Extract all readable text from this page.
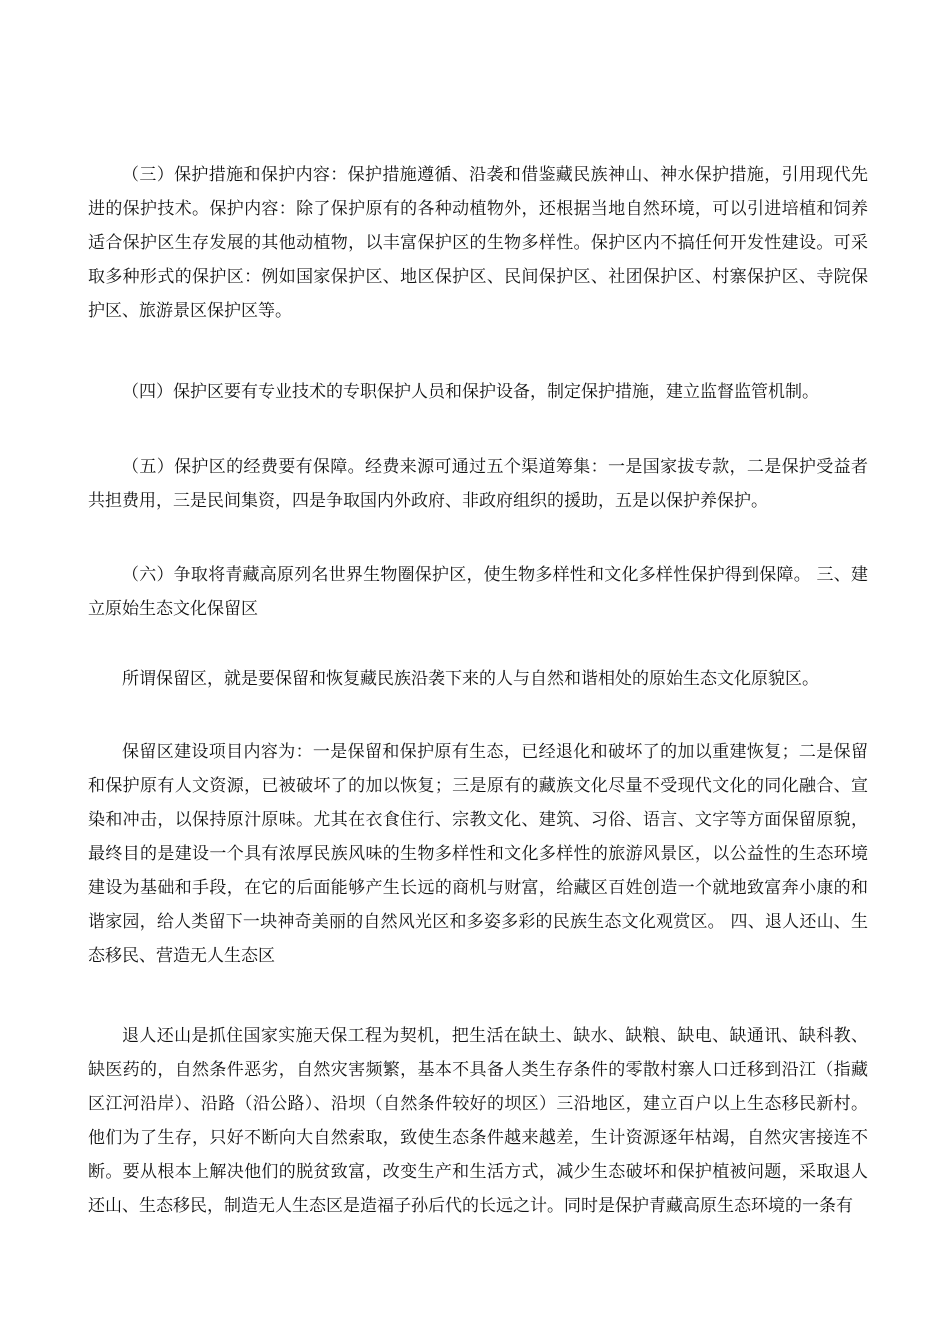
（三）保护措施和保护内容：保护措施遵循、沿袭和借鉴藏民族神山、神水保护措施，引用现代先进的保护技术。保护内容：除了保护原有的各种动植物外，还根据当地自然环境，可以引进培植和饲养适合保护区生存发展的其他动植物，以丰富保护区的生物多样性。保护区内不搞任何开发性建设。可采取多种形式的保护区：例如国家保护区、地区保护区、民间保护区、社团保护区、村寨保护区、寺院保护区、旅游景区保护区等。

（四）保护区要有专业技术的专职保护人员和保护设备，制定保护措施，建立监督监管机制。

（五）保护区的经费要有保障。经费来源可通过五个渠道筹集：一是国家拔专款，二是保护受益者共担费用，三是民间集资，四是争取国内外政府、非政府组织的援助，五是以保护养保护。

（六）争取将青藏高原列名世界生物圈保护区，使生物多样性和文化多样性保护得到保障。 三、建立原始生态文化保留区

所谓保留区，就是要保留和恢复藏民族沿袭下来的人与自然和谐相处的原始生态文化原貌区。

保留区建设项目内容为：一是保留和保护原有生态，已经退化和破坏了的加以重建恢复；二是保留和保护原有人文资源，已被破坏了的加以恢复；三是原有的藏族文化尽量不受现代文化的同化融合、宣染和冲击，以保持原汁原味。尤其在衣食住行、宗教文化、建筑、习俗、语言、文字等方面保留原貌，最终目的是建设一个具有浓厚民族风味的生物多样性和文化多样性的旅游风景区，以公益性的生态环境建设为基础和手段，在它的后面能够产生长远的商机与财富，给藏区百姓创造一个就地致富奔小康的和谐家园，给人类留下一块神奇美丽的自然风光区和多姿多彩的民族生态文化观赏区。 四、退人还山、生态移民、营造无人生态区

退人还山是抓住国家实施天保工程为契机，把生活在缺土、缺水、缺粮、缺电、缺通讯、缺科教、缺医药的，自然条件恶劣，自然灾害频繁，基本不具备人类生存条件的零散村寨人口迁移到沿江（指藏区江河沿岸）、沿路（沿公路）、沿坝（自然条件较好的坝区）三沿地区，建立百户以上生态移民新村。他们为了生存，只好不断向大自然索取，致使生态条件越来越差，生计资源逐年枯竭，自然灾害接连不断。要从根本上解决他们的脱贫致富，改变生产和生活方式，减少生态破坏和保护植被问题，采取退人还山、生态移民，制造无人生态区是造福子孙后代的长远之计。同时是保护青藏高原生态环境的一条有
